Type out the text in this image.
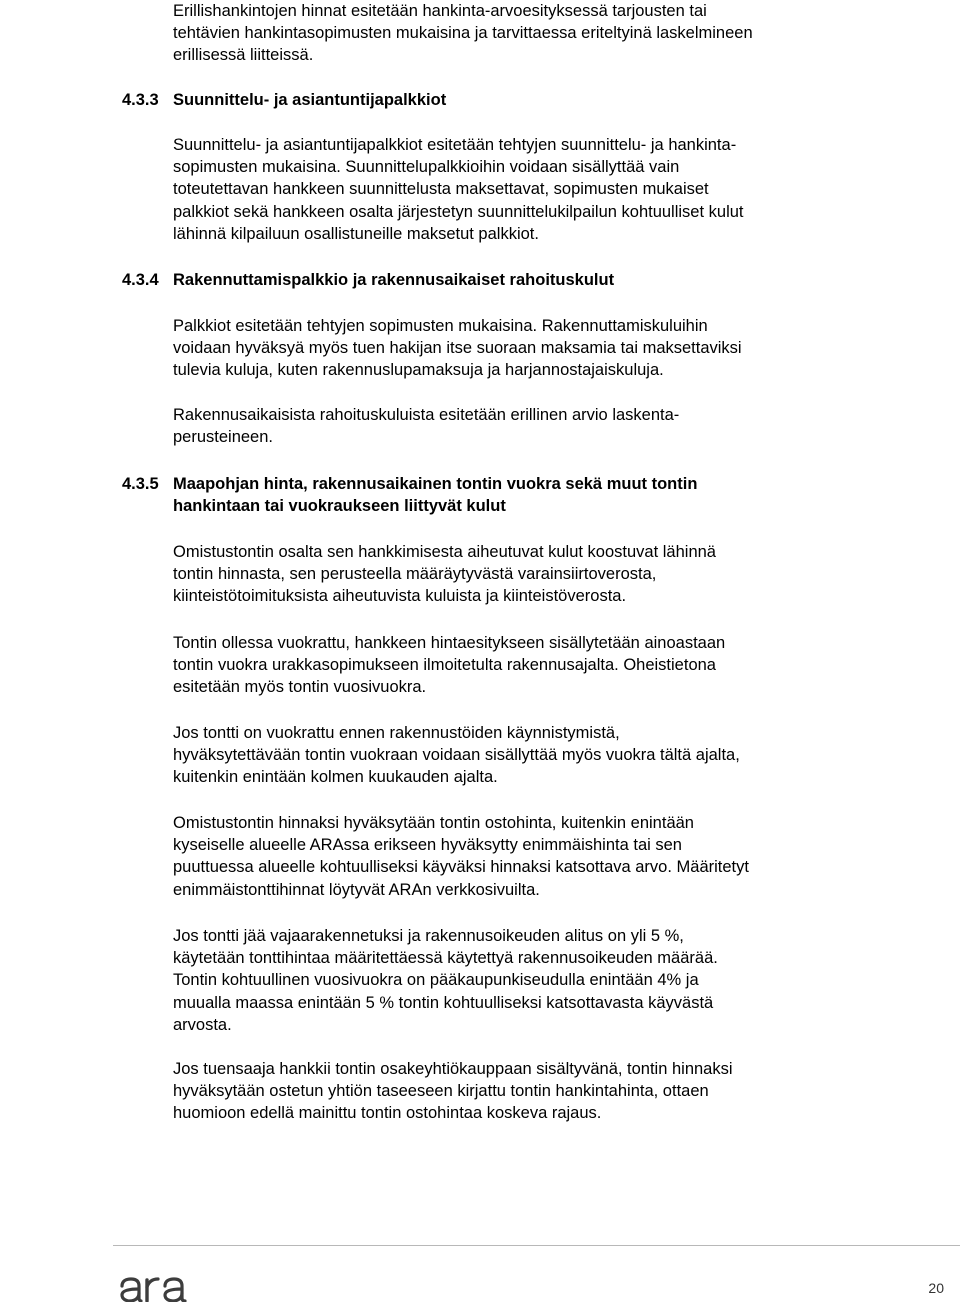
Erillishankintojen hinnat esitetään hankinta-arvoesityksessä tarjousten tai
tehtävien hankintasopimusten mukaisina ja tarvittaessa eriteltyinä laskelmineen
erillisessä liitteissä.
4.3.3 Suunnittelu- ja asiantuntijapalkkiot
Suunnittelu- ja asiantuntijapalkkiot esitetään tehtyjen suunnittelu- ja hankinta-
sopimusten mukaisina. Suunnittelupalkkioihin voidaan sisällyttää vain
toteutettavan hankkeen suunnittelusta maksettavat, sopimusten mukaiset
palkkiot sekä hankkeen osalta järjestetyn suunnittelukilpailun kohtuulliset kulut
lähinnä kilpailuun osallistuneille maksetut palkkiot.
4.3.4 Rakennuttamispalkkio ja rakennusaikaiset rahoituskulut
Palkkiot esitetään tehtyjen sopimusten mukaisina. Rakennuttamiskuluihin
voidaan hyväksyä myös tuen hakijan itse suoraan maksamia tai maksettaviksi
tulevia kuluja, kuten rakennuslupamaksuja ja harjannostajaiskuluja.
Rakennusaikaisista rahoituskuluista esitetään erillinen arvio laskenta-
perusteineen.
4.3.5 Maapohjan hinta, rakennusaikainen tontin vuokra sekä muut tontin
hankintaan tai vuokraukseen liittyvät kulut
Omistustontin osalta sen hankkimisesta aiheutuvat kulut koostuvat lähinnä
tontin hinnasta, sen perusteella määräytyvästä varainsiirtoverosta,
kiinteistötoimituksista aiheutuvista kuluista ja kiinteistöverosta.
Tontin ollessa vuokrattu, hankkeen hintaesitykseen sisällytetään ainoastaan
tontin vuokra urakkasopimukseen ilmoitetulta rakennusajalta. Oheistietona
esitetään myös tontin vuosivuokra.
Jos tontti on vuokrattu ennen rakennustöiden käynnistymistä,
hyväksytettävään tontin vuokraan voidaan sisällyttää myös vuokra tältä ajalta,
kuitenkin enintään kolmen kuukauden ajalta.
Omistustontin hinnaksi hyväksytään tontin ostohinta, kuitenkin enintään
kyseiselle alueelle ARAssa erikseen hyväksytty enimmäishinta tai sen
puuttuessa alueelle kohtuulliseksi käyväksi hinnaksi katsottava arvo. Määritetyt
enimmäistonttihinnat löytyvät ARAn verkkosivuilta.
Jos tontti jää vajaarakennetuksi ja rakennusoikeuden alitus on yli 5 %,
käytetään tonttihintaa määritettäessä käytettyä rakennusoikeuden määrää.
Tontin kohtuullinen vuosivuokra on pääkaupunkiseudulla enintään 4% ja
muualla maassa enintään 5 % tontin kohtuulliseksi katsottavasta käyvästä
arvosta.
Jos tuensaaja hankkii tontin osakeyhtiökauppaan sisältyvänä, tontin hinnaksi
hyväksytään ostetun yhtiön taseeseen kirjattu tontin hankintahinta, ottaen
huomioon edellä mainittu tontin ostohintaa koskeva rajaus.
20
